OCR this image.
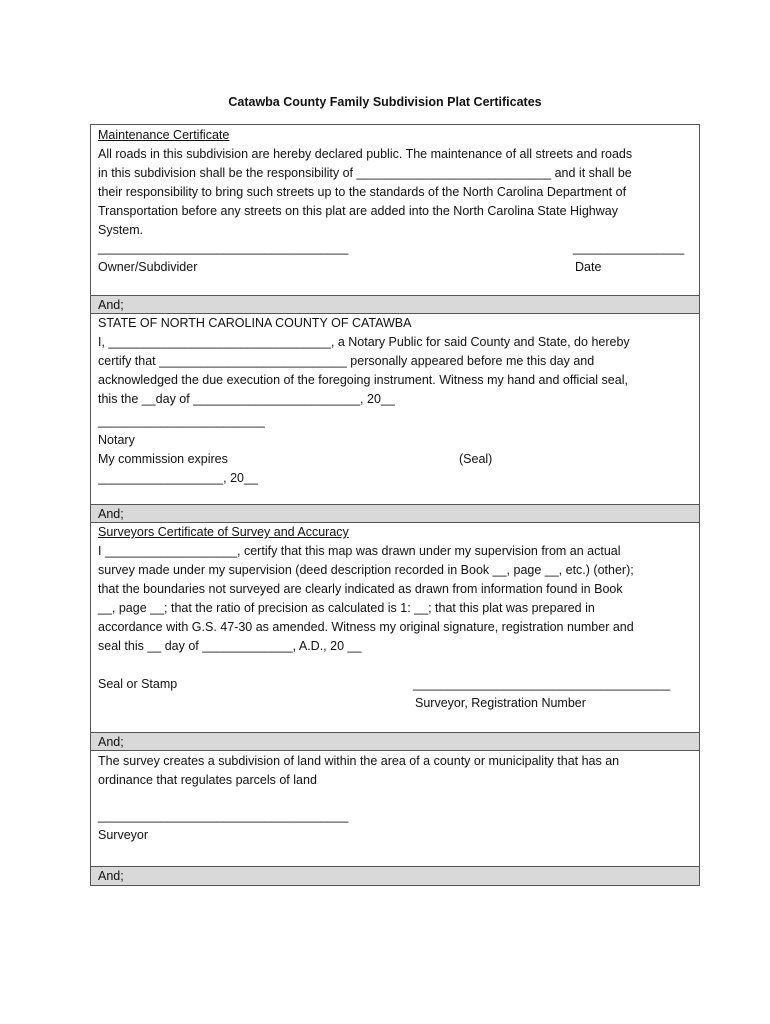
Catawba County Family Subdivision Plat Certificates

Maintenance Certificate

All roads in this subdivision are hereby declared public. The maintenance of all streets and roads
in this subdivision shall be the responsibility of ____________________________ and it shall be
their responsibility to bring such streets up to the standards of the North Carolina Department of
Transportation before any streets on this plat are added into the North Carolina State Highway
System.
____________________________________	________________
Owner/Subdivider	Date
And;

STATE OF NORTH CAROLINA COUNTY OF CATAWBA

I, ________________________________, a Notary Public for said County and State, do hereby
certify that ___________________________ personally appeared before me this day and
acknowledged the due execution of the foregoing instrument. Witness my hand and official seal,
this the __day of ________________________, 20__
________________________
Notary
My commission expires	(Seal)
__________________, 20__
And;

Surveyors Certificate of Survey and Accuracy

I ___________________, certify that this map was drawn under my supervision from an actual
survey made under my supervision (deed description recorded in Book __, page __, etc.) (other);
that the boundaries not surveyed are clearly indicated as drawn from information found in Book
__, page __; that the ratio of precision as calculated is 1: __; that this plat was prepared in
accordance with G.S. 47-30 as amended. Witness my original signature, registration number and
seal this __ day of _____________, A.D., 20 __
Seal or Stamp	_____________________________________
Surveyor, Registration Number
And;
The survey creates a subdivision of land within the area of a county or municipality that has an
ordinance that regulates parcels of land
____________________________________
Surveyor
And;
